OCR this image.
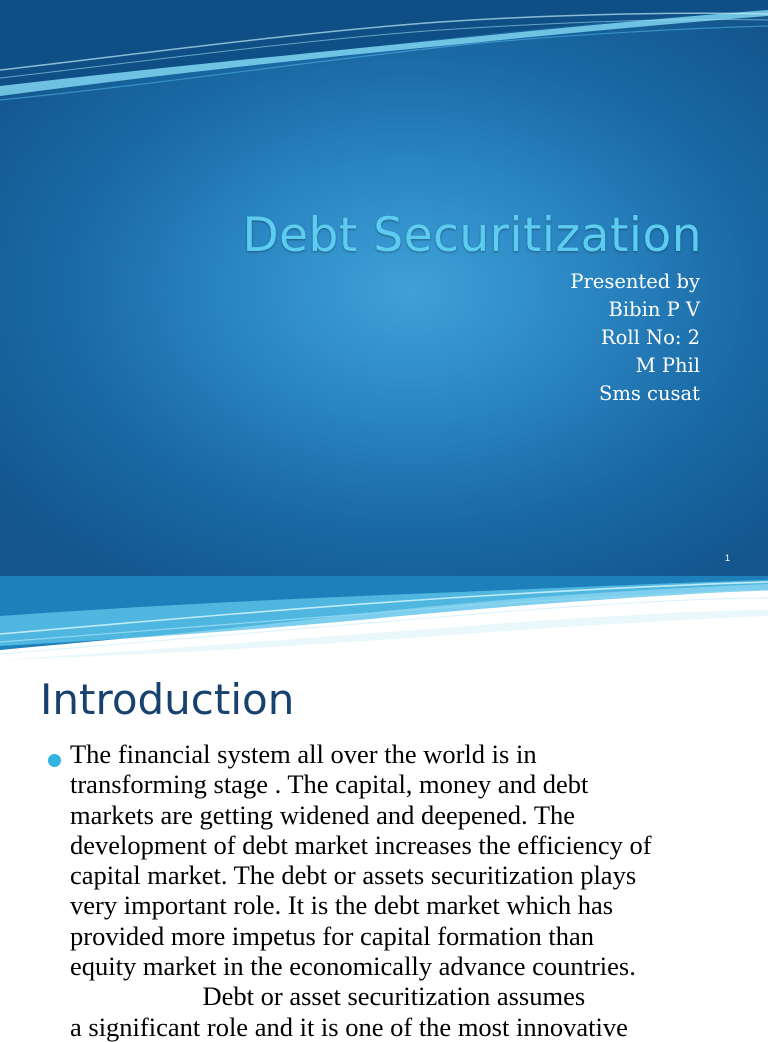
Debt Securitization
Presented by
Bibin P V
Roll No: 2
M Phil
Sms cusat
1
Introduction
The financial system all over the world is in
transforming stage . The capital, money and debt
markets are getting widened and deepened. The
development of debt market increases the efficiency of
capital market. The debt or assets securitization plays
very important role. It is the debt market which has
provided more impetus for capital formation than
equity market in the economically advance countries.
Debt or asset securitization assumes
a significant role and it is one of the most innovative
